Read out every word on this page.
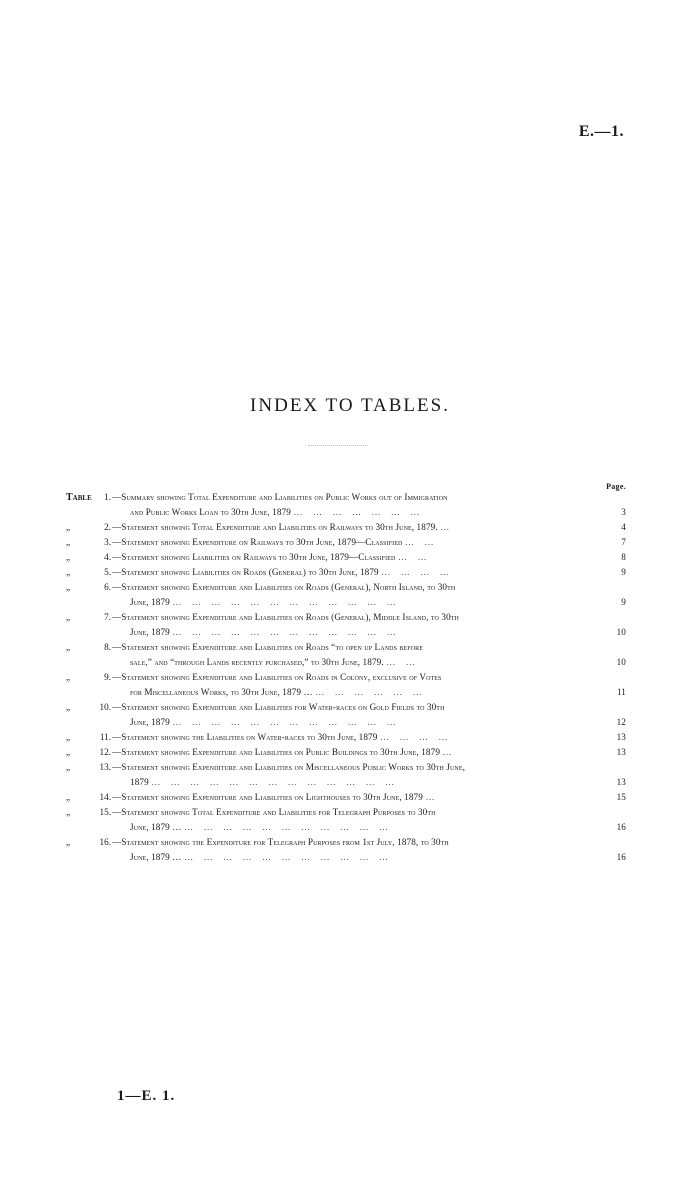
E.—1.
INDEX TO TABLES.
Page.
Table	1. —Summary showing Total Expenditure and Liabilities on Public Works out of Immigration
and Public Works Loan to 30th June, 1879 … … … … … … …	3
„	2. —Statement showing Total Expenditure and Liabilities on Railways to 30th June, 1879. …	4
„	3. —Statement showing Expenditure on Railways to 30th June, 1879—Classified … …	7
„	4. —Statement showing Liabilities on Railways to 30th June, 1879—Classified … …	8
„	5. —Statement showing Liabilities on Roads (General) to 30th June, 1879 … … … …	9
„	6. —Statement showing Expenditure and Liabilities on Roads (General), North Island, to 30th
June, 1879 … … … … … … … … … … … …	9
„	7. —Statement showing Expenditure and Liabilities on Roads (General), Middle Island, to 30th
June, 1879 … … … … … … … … … … … …	10
„	8. —Statement showing Expenditure and Liabilities on Roads “to open up Lands before
sale,” and “through Lands recently purchased,” to 30th June, 1879. … …	10
„	9. —Statement showing Expenditure and Liabilities on Roads in Colony, exclusive of Votes
for Miscellaneous Works, to 30th June, 1879 … … … … … … …	11
„	10. —Statement showing Expenditure and Liabilities for Water-races on Gold Fields to 30th
June, 1879 … … … … … … … … … … … …	12
„	11. —Statement showing the Liabilities on Water-races to 30th June, 1879 … … … …	13
„	12. —Statement showing Expenditure and Liabilities on Public Buildings to 30th June, 1879 …	13
„	13. —Statement showing Expenditure and Liabilities on Miscellaneous Public Works to 30th June,
1879 … … … … … … … … … … … … …	13
„	14. —Statement showing Expenditure and Liabilities on Lighthouses to 30th June, 1879 …	15
„	15. —Statement showing Total Expenditure and Liabilities for Telegraph Purposes to 30th
June, 1879 … … … … … … … … … … … …	16
„	16. —Statement showing the Expenditure for Telegraph Purposes from 1st July, 1878, to 30th
June, 1879 … … … … … … … … … … … …	16
1—E. 1.
